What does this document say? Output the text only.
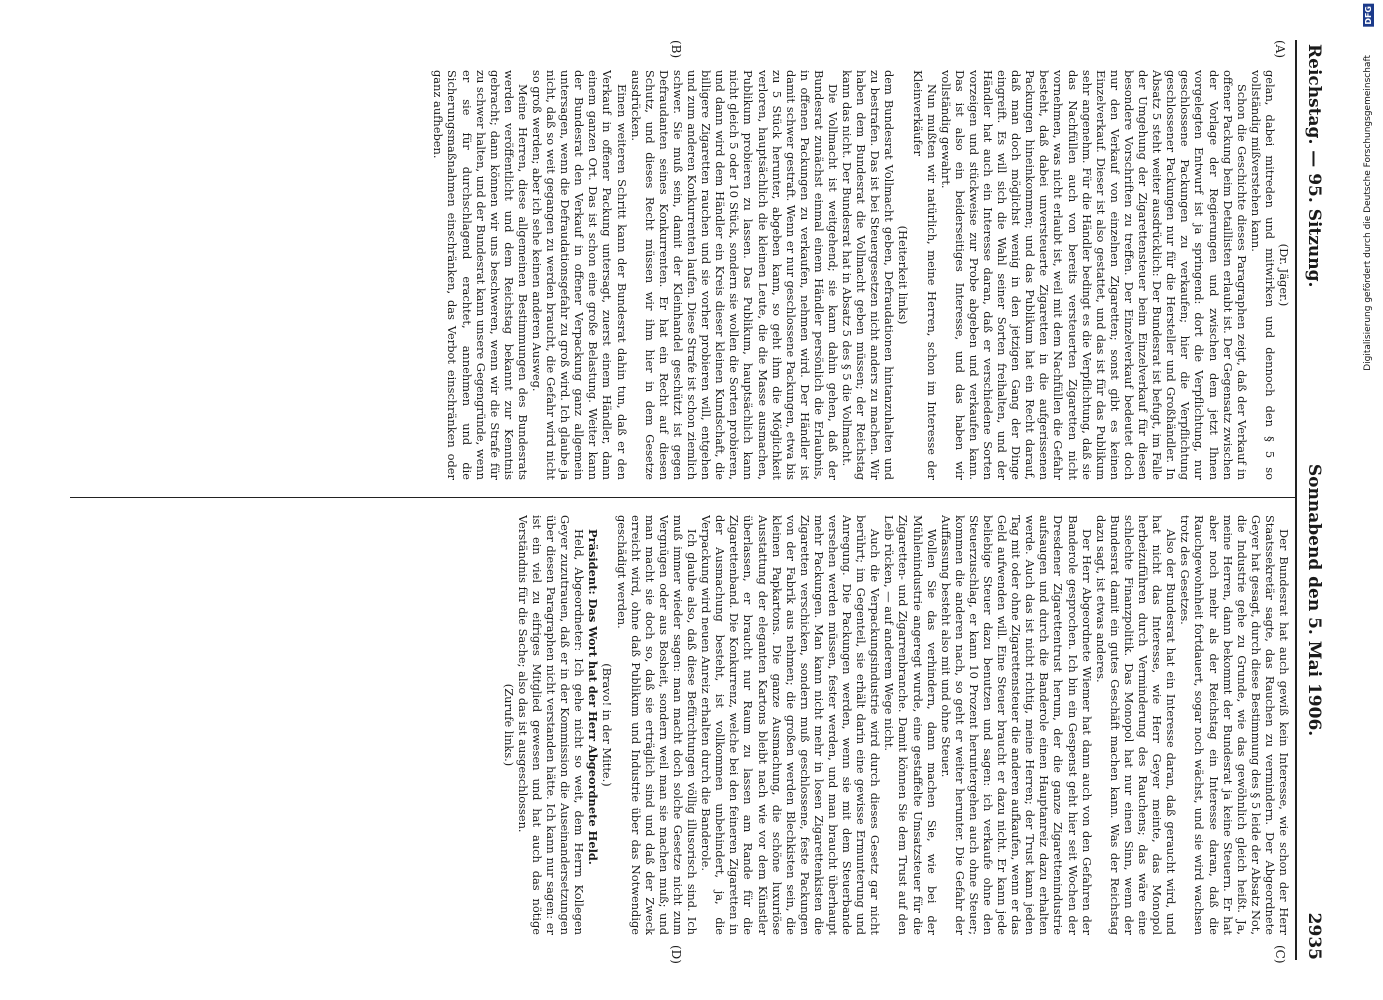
Reichstag. — 95. Sitzung.
Sonnabend den 5. Mai 1906.
2935
(A)
(B)
(C)
(D)

(Dr. Jäger.)

gelan, dabei mitreden und mitwirken und dennoch den § 5 so vollständig mißverstehen kann.

Schon die Geschichte dieses Paragraphen zeigt, daß der Verkauf in offener Packung beim Detaillisten erlaubt ist. Der Gegensatz zwischen der Vorlage der Regierungen und zwischen dem jetzt Ihnen vorgelegten Entwurf ist ja springend: dort die Verpflichtung, nur geschlossene Packungen zu verkaufen; hier die Verpflichtung geschlossener Packungen nur für die Hersteller und Großhändler. In Absatz 5 steht weiter ausdrücklich: Der Bundesrat ist befugt, im Falle der Umgehung der Zigarettensteuer beim Einzelverkauf für diesen besondere Vorschriften zu treffen. Der Einzelverkauf bedeutet doch nur den Verkauf von einzelnen Zigaretten; sonst gibt es keinen Einzelverkauf. Dieser ist also gestattet, und das ist für das Publikum sehr angenehm. Für die Händler bedingt es die Verpflichtung, daß sie das Nachfüllen auch von bereits versteuerten Zigaretten nicht vornehmen, was nicht erlaubt ist, weil mit dem Nachfüllen die Gefahr besteht, daß dabei unversteuerte Zigaretten in die aufgerissenen Packungen hineinkommen; und das Publikum hat ein Recht darauf, daß man doch möglichst wenig in den jetzigen Gang der Dinge eingreift. Es will sich die Wahl seiner Sorten freihalten, und der Händler hat auch ein Interesse daran, daß er verschiedene Sorten vorzeigen und stückweise zur Probe abgeben und verkaufen kann. Das ist also ein beiderseitiges Interesse, und das haben wir vollständig gewahrt.

Nun mußten wir natürlich, meine Herren, schon im Interesse der Kleinverkäufer

(Heiterkeit links)

dem Bundesrat Vollmacht geben, Defraudationen hintanzuhalten und zu bestrafen. Das ist bei Steuergesetzen nicht anders zu machen. Wir haben dem Bundesrat die Vollmacht geben müssen; der Reichstag kann das nicht. Der Bundesrat hat in Absatz 5 des § 5 die Vollmacht.

Die Vollmacht ist weitgehend; sie kann dahin gehen, daß der Bundesrat zunächst einmal einem Händler persönlich die Erlaubnis, in offenen Packungen zu verkaufen, nehmen wird. Der Händler ist damit schwer gestraft. Wenn er nur geschlossene Packungen, etwa bis zu 5 Stück herunter, abgeben kann, so geht ihm die Möglichkeit verloren, hauptsächlich die kleinen Leute, die die Masse ausmachen, Publikum probieren zu lassen. Das Publikum, hauptsächlich kann nicht gleich 5 oder 10 Stück, sondern sie wollen die Sorten probieren, und dann wird dem Händler ein Kreis dieser kleinen Kundschaft, die billigere Zigaretten rauchen und sie vorher probieren will, entgehen und zum anderen Konkurrenten laufen. Diese Strafe ist schon ziemlich schwer. Sie muß sein, damit der Kleinhandel geschützt ist gegen Defraudanten seines Konkurrenten. Er hat ein Recht auf diesen Schutz, und dieses Recht müssen wir ihm hier in dem Gesetze ausdrücken.

Einen weiteren Schritt kann der Bundesrat dahin tun, daß er den Verkauf in offener Packung untersagt, zuerst einem Händler, dann einem ganzen Ort. Das ist schon eine große Belastung. Weiter kann der Bundesrat den Verkauf in offener Verpackung ganz allgemein untersagen, wenn die Defraudationsgefahr zu groß wird. Ich glaube ja nicht, daß so weit gegangen zu werden braucht, die Gefahr wird nicht so groß werden; aber ich sehe keinen anderen Ausweg.

Meine Herren, diese allgemeinen Bestimmungen des Bundesrats werden veröffentlicht und dem Reichstag bekannt zur Kenntnis gebracht; dann können wir uns beschweren, wenn wir die Strafe für zu schwer halten, und der Bundesrat kann unsere Gegengründe, wenn er sie für durchschlagend erachtet, annehmen und die Sicherungsmaßnahmen einschränken, das Verbot einschränken oder ganz aufheben.

Der Bundesrat hat auch gewiß kein Interesse, wie schon der Herr Staatssekretär sagte, das Rauchen zu vermindern. Der Abgeordnete Geyer hat gesagt, durch diese Bestimmung des § 5 leide der Absatz Not, die Industrie gehe zu Grunde, wie das gewöhnlich gleich heißt. Ja, meine Herren, dann bekommt der Bundesrat ja keine Steuern. Er hat aber noch mehr als der Reichstag ein Interesse daran, daß die Rauchgewohnheit fortdauert, sogar noch wächst, und sie wird wachsen trotz des Gesetzes.

Also der Bundesrat hat ein Interesse daran, daß geraucht wird, und hat nicht das Interesse, wie Herr Geyer meinte, das Monopol herbeizuführen durch Verminderung des Rauchens; das wäre eine schlechte Finanzpolitik. Das Monopol hat nur einen Sinn, wenn der Bundesrat damit ein gutes Geschäft machen kann. Was der Reichstag dazu sagt, ist etwas anderes.

Der Herr Abgeordnete Wiemer hat dann auch von den Gefahren der Banderole gesprochen. Ich bin ein Gespenst geht hier seit Wochen der Dresdener Zigarettentrust herum, der die ganze Zigarettenindustrie aufsaugen und durch die Banderole einen Hauptanreiz dazu erhalten werde. Auch das ist nicht richtig, meine Herren; der Trust kann jeden Tag mit oder ohne Zigarettensteuer die anderen aufkaufen, wenn er das Geld aufwenden will. Eine Steuer braucht er dazu nicht. Er kann jede beliebige Steuer dazu benutzen und sagen: ich verkaufe ohne den Steuerzuschlag, er kann 10 Prozent heruntergehen auch ohne Steuer; kommen die anderen nach, so geht er weiter herunter. Die Gefahr der Auffassung besteht also mit und ohne Steuer.

Wollen Sie das verhindern, dann machen Sie, wie bei der Mühlenindustrie angeregt wurde, eine gestaffelte Umsatzsteuer für die Zigaretten- und Zigarrenbranche. Damit können Sie dem Trust auf den Leib rücken, — auf anderem Wege nicht.

Auch die Verpackungsindustrie wird durch dieses Gesetz gar nicht berührt; im Gegenteil, sie erhält darin eine gewisse Ermunterung und Anregung. Die Packungen werden, wenn sie mit dem Steuerbande versehen werden müssen, fester werden, und man braucht überhaupt mehr Packungen. Man kann nicht mehr in losen Zigarettenkisten die Zigaretten verschicken, sondern muß geschlossene, feste Packungen von der Fabrik aus nehmen; die großen werden Blechkisten sein, die kleinen Papkartons. Die ganze Ausmachung, die schöne luxuriöse Ausstattung der eleganten Kartons bleibt nach wie vor dem Künstler überlassen, er braucht nur Raum zu lassen am Rande für die Zigarettenband. Die Konkurrenz, welche bei den feineren Zigaretten in der Ausmachung besteht, ist vollkommen unbehindert, ja, die Verpackung wird neuen Anreiz erhalten durch die Banderole.

Ich glaube also, daß diese Befürchtungen völlig illusorisch sind. Ich muß immer wieder sagen: man macht doch solche Gesetze nicht zum Vergnügen oder aus Bosheit, sondern weil man sie machen muß; und man macht sie doch so, daß sie erträglich sind und daß der Zweck erreicht wird, ohne daß Publikum und Industrie über das Notwendige geschädigt werden.

(Bravo! in der Mitte.)

Präsident: Das Wort hat der Herr Abgeordnete Held.

Held, Abgeordneter: Ich gehe nicht so weit, dem Herrn Kollegen Geyer zuzutrauen, daß er in der Kommission die Auseinandersetzungen über diesen Paragraphen nicht verstanden hätte. Ich kann nur sagen: er ist ein viel zu eifriges Mitglied gewesen und hat auch das nötige Verständnis für die Sache; also das ist ausgeschlossen.

(Zurufe links.)

DFG
Digitalisierung gefördert durch die Deutsche Forschungsgemeinschaft
